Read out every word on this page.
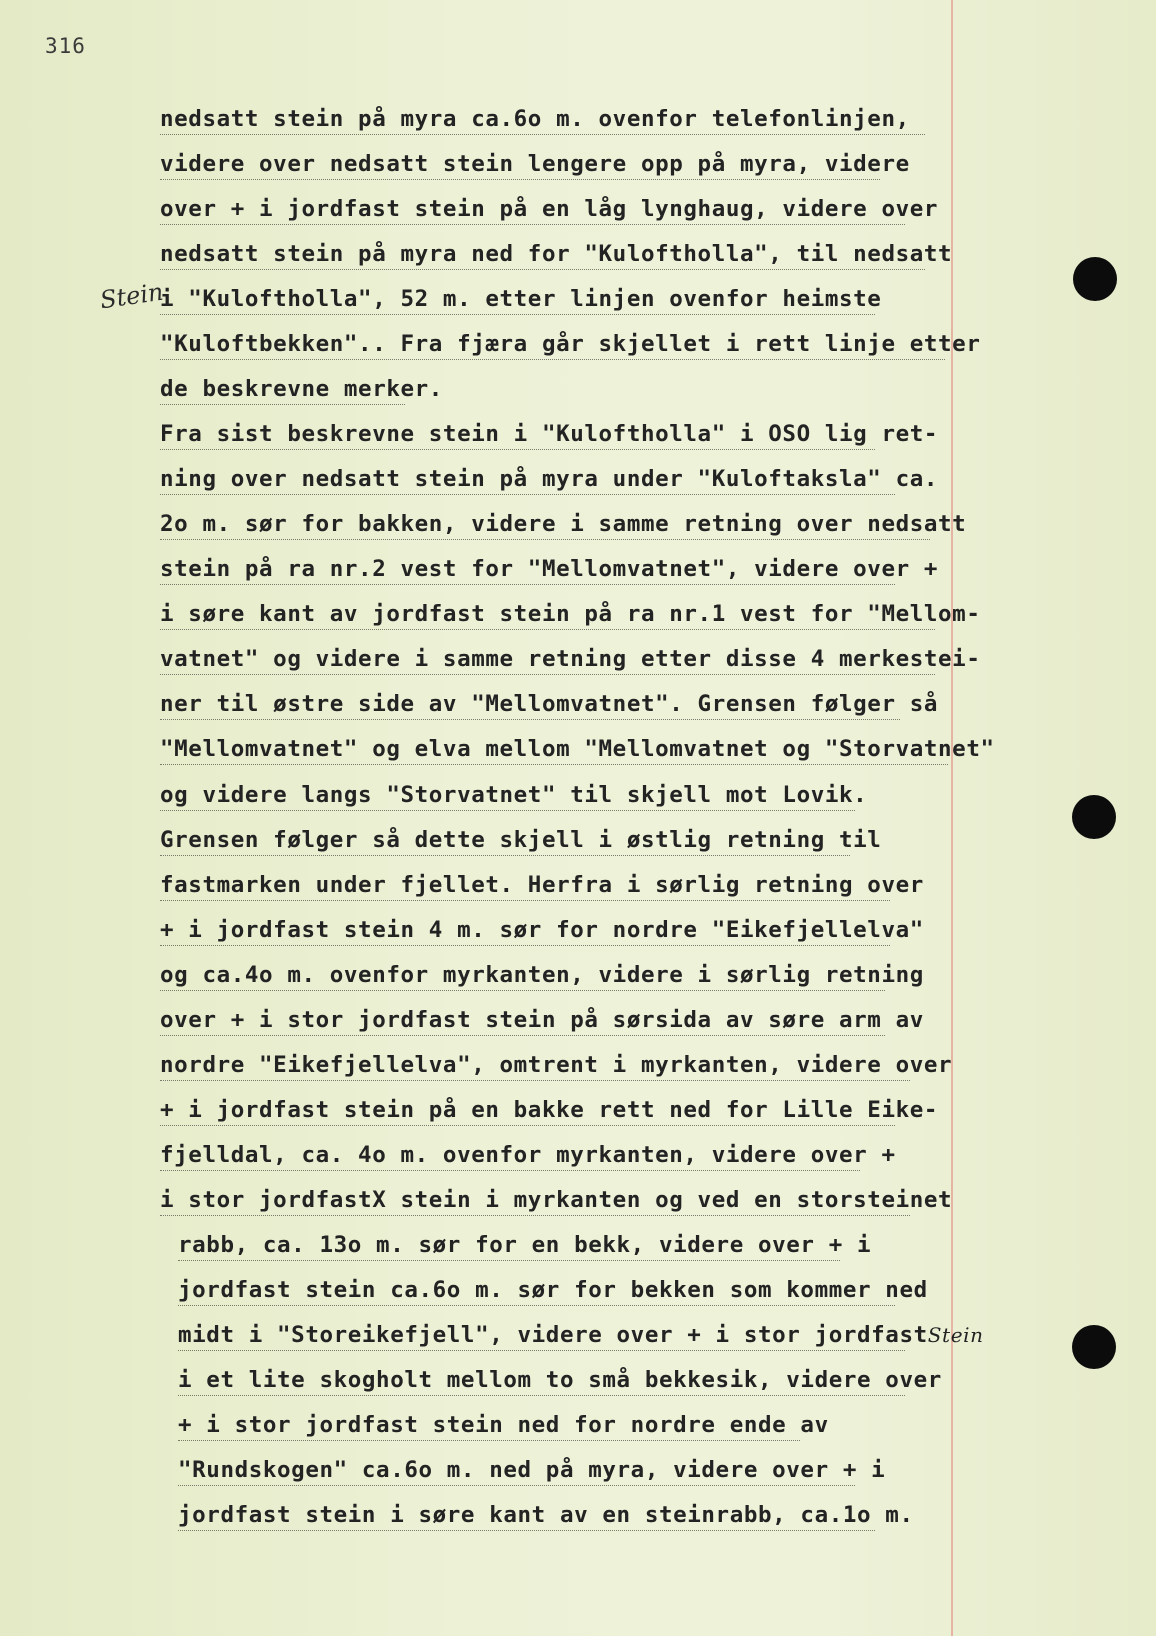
316
Stein
nedsatt stein på myra ca.6o m. ovenfor telefonlinjen,
videre over nedsatt stein lengere opp på myra, videre
over + i jordfast stein på en låg lynghaug, videre over
nedsatt stein på myra ned for "Kuloftholla", til nedsatt
i "Kuloftholla", 52 m. etter linjen ovenfor heimste
"Kuloftbekken".. Fra fjæra går skjellet i rett linje etter
de beskrevne merker.
Fra sist beskrevne stein i "Kuloftholla" i OSO lig ret-
ning over nedsatt stein på myra under "Kuloftaksla" ca.
2o m. sør for bakken, videre i samme retning over nedsatt
stein på ra nr.2 vest for "Mellomvatnet", videre over +
i søre kant av jordfast stein på ra nr.1 vest for "Mellom-
vatnet" og videre i samme retning etter disse 4 merkestei-
ner til østre side av "Mellomvatnet". Grensen følger så
"Mellomvatnet" og elva mellom "Mellomvatnet og "Storvatnet"
og videre langs "Storvatnet" til skjell mot Lovik.
Grensen følger så dette skjell i østlig retning til
fastmarken under fjellet. Herfra i sørlig retning over
+ i jordfast stein 4 m. sør for nordre "Eikefjellelva"
og ca.4o m. ovenfor myrkanten, videre i sørlig retning
over + i stor jordfast stein på sørsida av søre arm av
nordre "Eikefjellelva", omtrent i myrkanten, videre over
+ i jordfast stein på en bakke rett ned for Lille Eike-
fjelldal, ca. 4o m. ovenfor myrkanten, videre over +
i stor jordfastX stein i myrkanten og ved en storsteinet
rabb, ca. 13o m. sør for en bekk, videre over + i
jordfast stein ca.6o m. sør for bekken som kommer ned
midt i "Storeikefjell", videre over + i stor jordfastStein
i et lite skogholt mellom to små bekkesik, videre over
+ i stor jordfast stein ned for nordre ende av
"Rundskogen" ca.6o m. ned på myra, videre over + i
jordfast stein i søre kant av en steinrabb, ca.1o m.
